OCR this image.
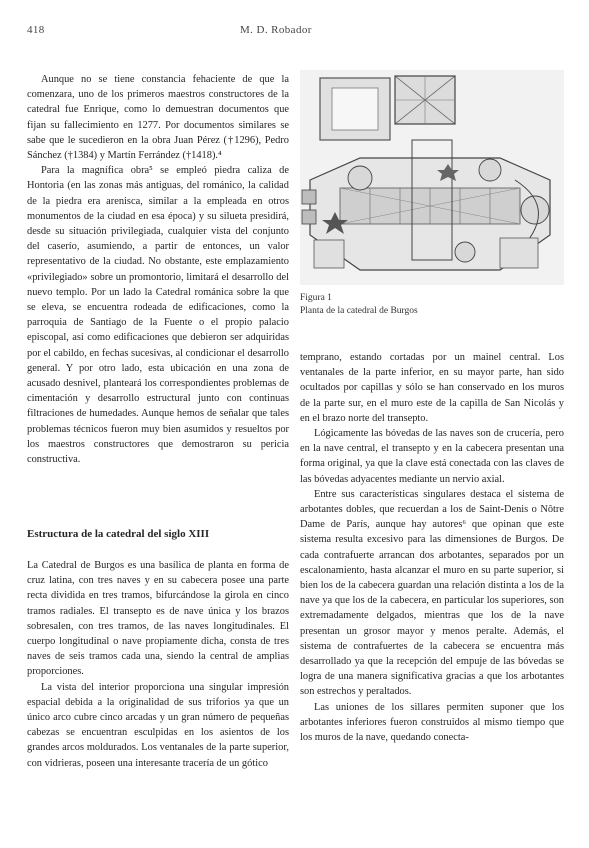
418	M. D. Robador

Aunque no se tiene constancia fehaciente de que la comenzara, uno de los primeros maestros constructores de la catedral fue Enrique, como lo demuestran documentos que fijan su fallecimiento en 1277. Por documentos similares se sabe que le sucedieron en la obra Juan Pérez (†1296), Pedro Sánchez (†1384) y Martín Ferrández (†1418).⁴

Para la magnífica obra⁵ se empleó piedra caliza de Hontoria (en las zonas más antiguas, del románico, la calidad de la piedra era arenisca, similar a la empleada en otros monumentos de la ciudad en esa época) y su silueta presidirá, desde su situación privilegiada, cualquier vista del conjunto del caserío, asumiendo, a partir de entonces, un valor representativo de la ciudad. No obstante, este emplazamiento «privilegiado» sobre un promontorio, limitará el desarrollo del nuevo templo. Por un lado la Catedral románica sobre la que se eleva, se encuentra rodeada de edificaciones, como la parroquia de Santiago de la Fuente o el propio palacio episcopal, así como edificaciones que debieron ser adquiridas por el cabildo, en fechas sucesivas, al condicionar el desarrollo general. Y por otro lado, esta ubicación en una zona de acusado desnivel, planteará los correspondientes problemas de cimentación y desarrollo estructural junto con continuas filtraciones de humedades. Aunque hemos de señalar que tales problemas técnicos fueron muy bien asumidos y resueltos por los maestros constructores que demostraron su pericia constructiva.

Estructura de la catedral del siglo XIII

La Catedral de Burgos es una basílica de planta en forma de cruz latina, con tres naves y en su cabecera posee una parte recta dividida en tres tramos, bifurcándose la girola en cinco tramos radiales. El transepto es de nave única y los brazos sobresalen, con tres tramos, de las naves longitudinales. El cuerpo longitudinal o nave propiamente dicha, consta de tres naves de seis tramos cada una, siendo la central de amplias proporciones.

La vista del interior proporciona una singular impresión espacial debida a la originalidad de sus triforios ya que un único arco cubre cinco arcadas y un gran número de pequeñas cabezas se encuentran esculpidas en los asientos de los grandes arcos moldurados. Los ventanales de la parte superior, con vidrieras, poseen una interesante tracería de un gótico

Figura 1
Planta de la catedral de Burgos

temprano, estando cortadas por un mainel central. Los ventanales de la parte inferior, en su mayor parte, han sido ocultados por capillas y sólo se han conservado en los muros de la parte sur, en el muro este de la capilla de San Nicolás y en el brazo norte del transepto.

Lógicamente las bóvedas de las naves son de crucería, pero en la nave central, el transepto y en la cabecera presentan una forma original, ya que la clave está conectada con las claves de las bóvedas adyacentes mediante un nervio axial.

Entre sus características singulares destaca el sistema de arbotantes dobles, que recuerdan a los de Saint-Denis o Nôtre Dame de París, aunque hay autores⁶ que opinan que este sistema resulta excesivo para las dimensiones de Burgos. De cada contrafuerte arrancan dos arbotantes, separados por un escalonamiento, hasta alcanzar el muro en su parte superior, si bien los de la cabecera guardan una relación distinta a los de la nave ya que los de la cabecera, en particular los superiores, son extremadamente delgados, mientras que los de la nave presentan un grosor mayor y menos peralte. Además, el sistema de contrafuertes de la cabecera se encuentra más desarrollado ya que la recepción del empuje de las bóvedas se logra de una manera significativa gracias a que los arbotantes son estrechos y peraltados.

Las uniones de los sillares permiten suponer que los arbotantes inferiores fueron construidos al mismo tiempo que los muros de la nave, quedando conecta-
